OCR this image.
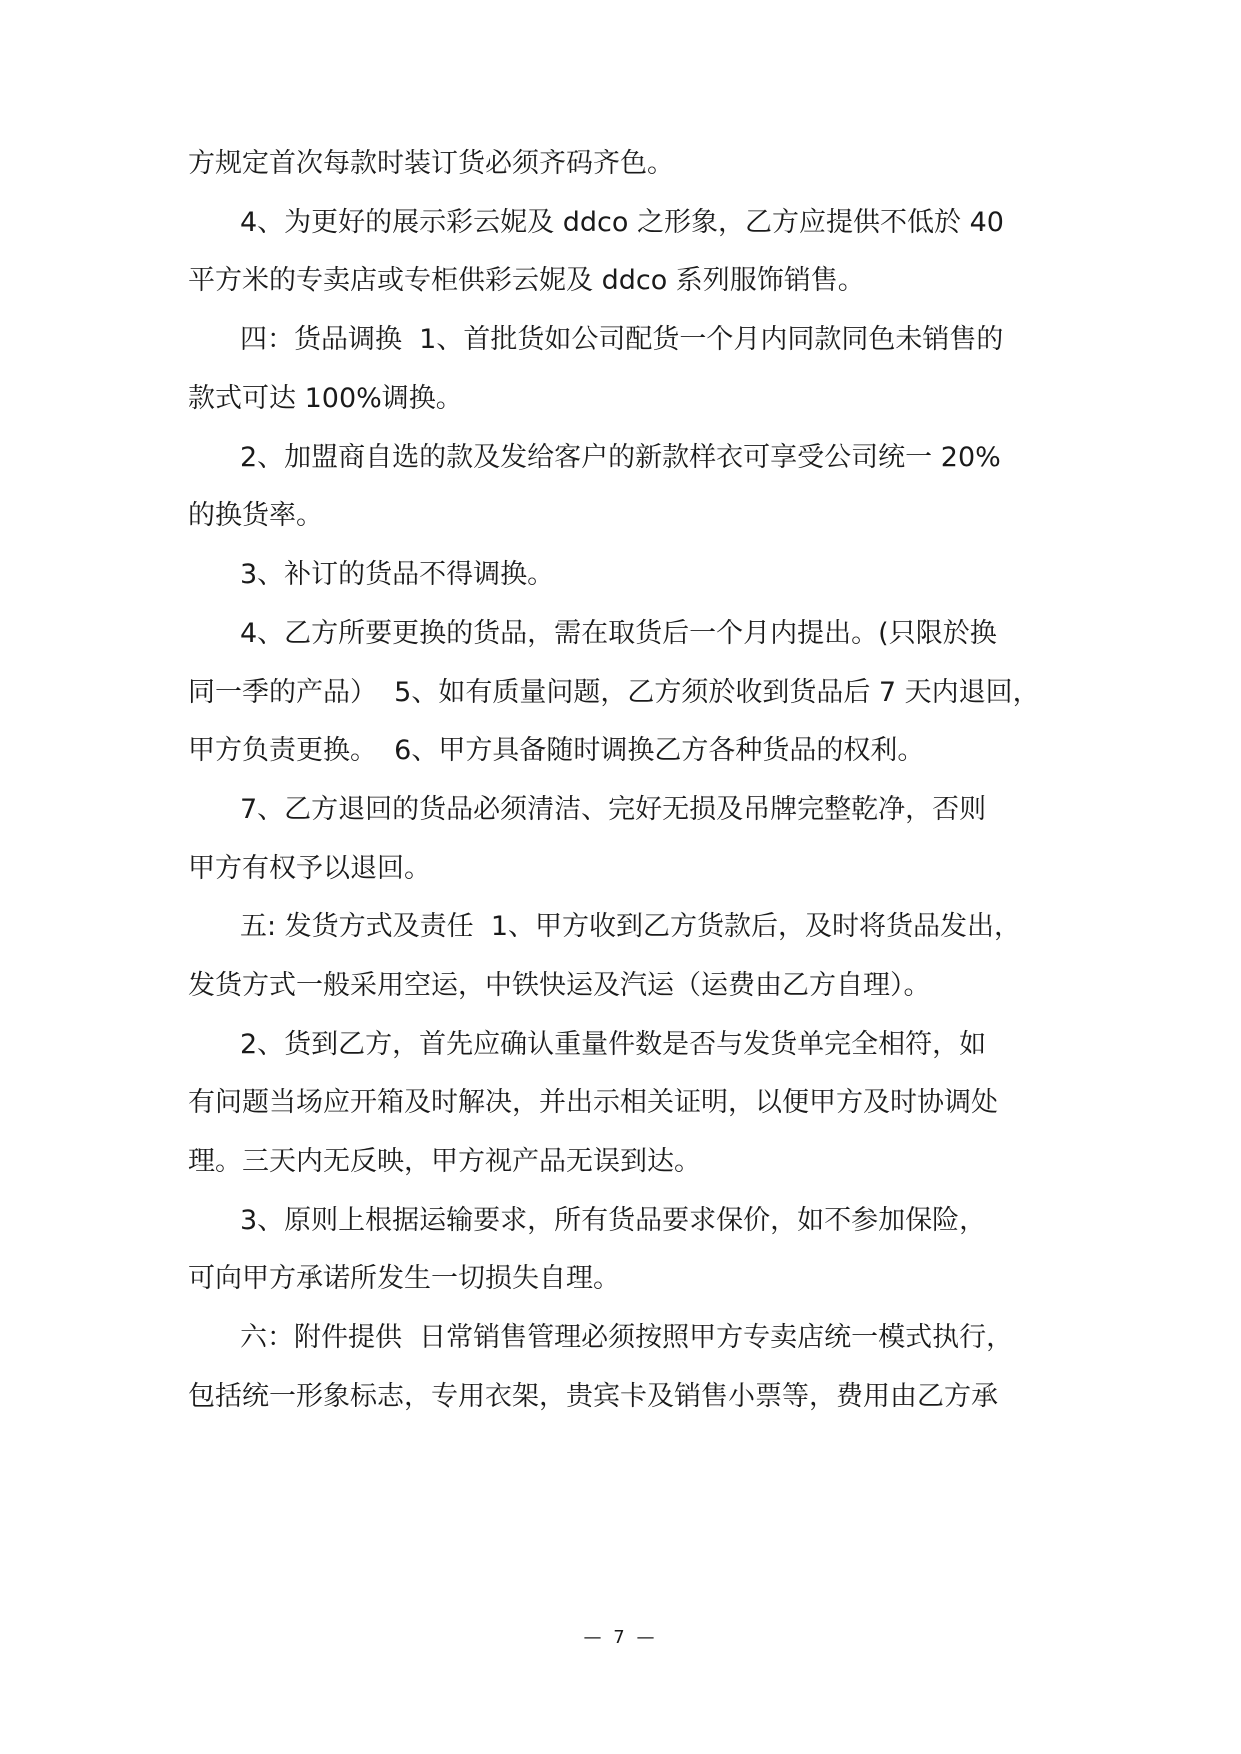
方规定首次每款时装订货必须齐码齐色。
4、为更好的展示彩云妮及 ddco 之形象，乙方应提供不低於 40
平方米的专卖店或专柜供彩云妮及 ddco 系列服饰销售。
四：货品调换  1、首批货如公司配货一个月内同款同色未销售的
款式可达 100%调换。
2、加盟商自选的款及发给客户的新款样衣可享受公司统一 20%
的换货率。
3、补订的货品不得调换。
4、乙方所要更换的货品，需在取货后一个月内提出。(只限於换
同一季的产品）  5、如有质量问题，乙方须於收到货品后 7 天内退回，
甲方负责更换。  6、甲方具备随时调换乙方各种货品的权利。
7、乙方退回的货品必须清洁、完好无损及吊牌完整乾净，否则
甲方有权予以退回。
五: 发货方式及责任  1、甲方收到乙方货款后，及时将货品发出，
发货方式一般采用空运，中铁快运及汽运（运费由乙方自理）。
2、货到乙方，首先应确认重量件数是否与发货单完全相符，如
有问题当场应开箱及时解决，并出示相关证明，以便甲方及时协调处
理。三天内无反映，甲方视产品无误到达。
3、原则上根据运输要求，所有货品要求保价，如不参加保险，
可向甲方承诺所发生一切损失自理。
六：附件提供  日常销售管理必须按照甲方专卖店统一模式执行，
包括统一形象标志，专用衣架，贵宾卡及销售小票等，费用由乙方承
— 7 —
